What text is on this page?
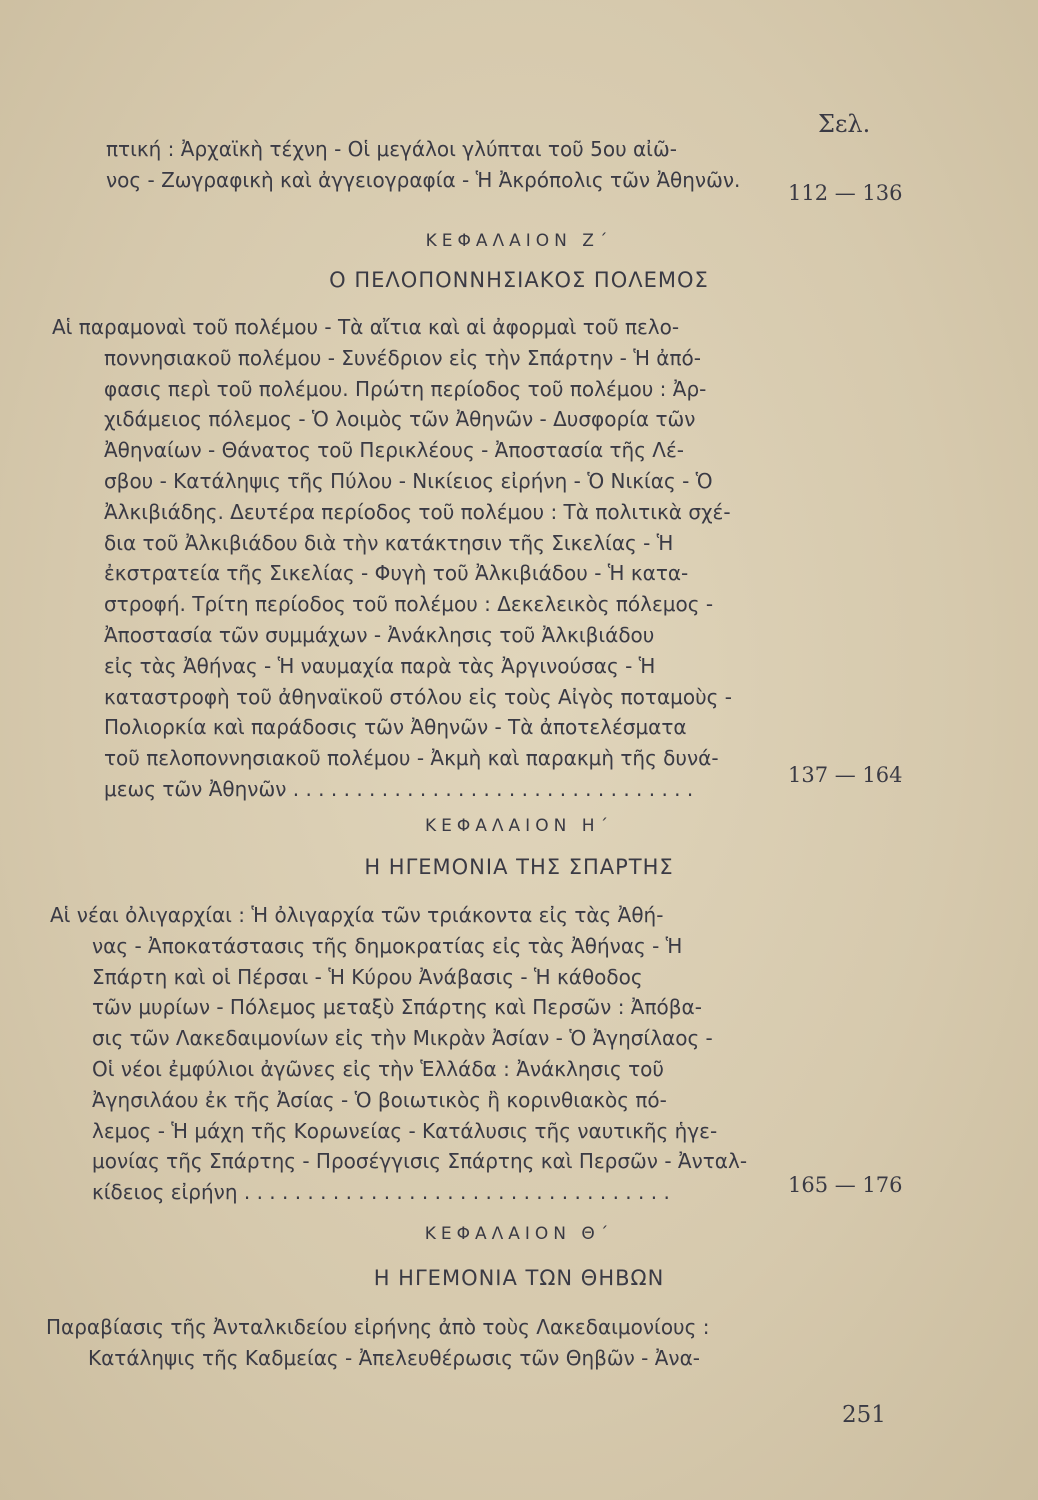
Σελ.
πτική : Ἀρχαϊκὴ τέχνη - Οἱ μεγάλοι γλύπται τοῦ 5ου αἰῶ-
νος - Ζωγραφικὴ καὶ ἀγγειογραφία - Ἡ Ἀκρόπολις τῶν Ἀθηνῶν.
112 — 136
ΚΕΦΑΛΑΙΟΝ Ζ΄
Ο ΠΕΛΟΠΟΝΝΗΣΙΑΚΟΣ ΠΟΛΕΜΟΣ
Αἱ παραμοναὶ τοῦ πολέμου - Τὰ αἴτια καὶ αἱ ἀφορμαὶ τοῦ πελο-
ποννησιακοῦ πολέμου - Συνέδριον εἰς τὴν Σπάρτην - Ἡ ἀπό-
φασις περὶ τοῦ πολέμου. Πρώτη περίοδος τοῦ πολέμου : Ἀρ-
χιδάμειος πόλεμος - Ὁ λοιμὸς τῶν Ἀθηνῶν - Δυσφορία τῶν
Ἀθηναίων - Θάνατος τοῦ Περικλέους - Ἀποστασία τῆς Λέ-
σβου - Κατάληψις τῆς Πύλου - Νικίειος εἰρήνη - Ὁ Νικίας - Ὁ
Ἀλκιβιάδης. Δευτέρα περίοδος τοῦ πολέμου : Τὰ πολιτικὰ σχέ-
δια τοῦ Ἀλκιβιάδου διὰ τὴν κατάκτησιν τῆς Σικελίας - Ἡ
ἐκστρατεία τῆς Σικελίας - Φυγὴ τοῦ Ἀλκιβιάδου - Ἡ κατα-
στροφή. Τρίτη περίοδος τοῦ πολέμου : Δεκελεικὸς πόλεμος -
Ἀποστασία τῶν συμμάχων - Ἀνάκλησις τοῦ Ἀλκιβιάδου
εἰς τὰς Ἀθήνας - Ἡ ναυμαχία παρὰ τὰς Ἀργινούσας - Ἡ
καταστροφὴ τοῦ ἀθηναϊκοῦ στόλου εἰς τοὺς Αἰγὸς ποταμοὺς -
Πολιορκία καὶ παράδοσις τῶν Ἀθηνῶν - Τὰ ἀποτελέσματα
τοῦ πελοποννησιακοῦ πολέμου - Ἀκμὴ καὶ παρακμὴ τῆς δυνά-
μεως τῶν Ἀθηνῶν . . . . . . . . . . . . . . . . . . . . . . . . . . . . . . . .
137 — 164
ΚΕΦΑΛΑΙΟΝ Η΄
Η ΗΓΕΜΟΝΙΑ ΤΗΣ ΣΠΑΡΤΗΣ
Αἱ νέαι ὀλιγαρχίαι : Ἡ ὀλιγαρχία τῶν τριάκοντα εἰς τὰς Ἀθή-
νας - Ἀποκατάστασις τῆς δημοκρατίας εἰς τὰς Ἀθήνας - Ἡ
Σπάρτη καὶ οἱ Πέρσαι - Ἡ Κύρου Ἀνάβασις - Ἡ κάθοδος
τῶν μυρίων - Πόλεμος μεταξὺ Σπάρτης καὶ Περσῶν : Ἀπόβα-
σις τῶν Λακεδαιμονίων εἰς τὴν Μικρὰν Ἀσίαν - Ὁ Ἀγησίλαος -
Οἱ νέοι ἐμφύλιοι ἀγῶνες εἰς τὴν Ἑλλάδα : Ἀνάκλησις τοῦ
Ἀγησιλάου ἐκ τῆς Ἀσίας - Ὁ βοιωτικὸς ἢ κορινθιακὸς πό-
λεμος - Ἡ μάχη τῆς Κορωνείας - Κατάλυσις τῆς ναυτικῆς ἡγε-
μονίας τῆς Σπάρτης - Προσέγγισις Σπάρτης καὶ Περσῶν - Ἀνταλ-
κίδειος εἰρήνη . . . . . . . . . . . . . . . . . . . . . . . . . . . . . . . . . .	165 — 176
ΚΕΦΑΛΑΙΟΝ Θ΄
Η ΗΓΕΜΟΝΙΑ ΤΩΝ ΘΗΒΩΝ
Παραβίασις τῆς Ἀνταλκιδείου εἰρήνης ἀπὸ τοὺς Λακεδαιμονίους :
Κατάληψις τῆς Καδμείας - Ἀπελευθέρωσις τῶν Θηβῶν - Ἀνα-
251
